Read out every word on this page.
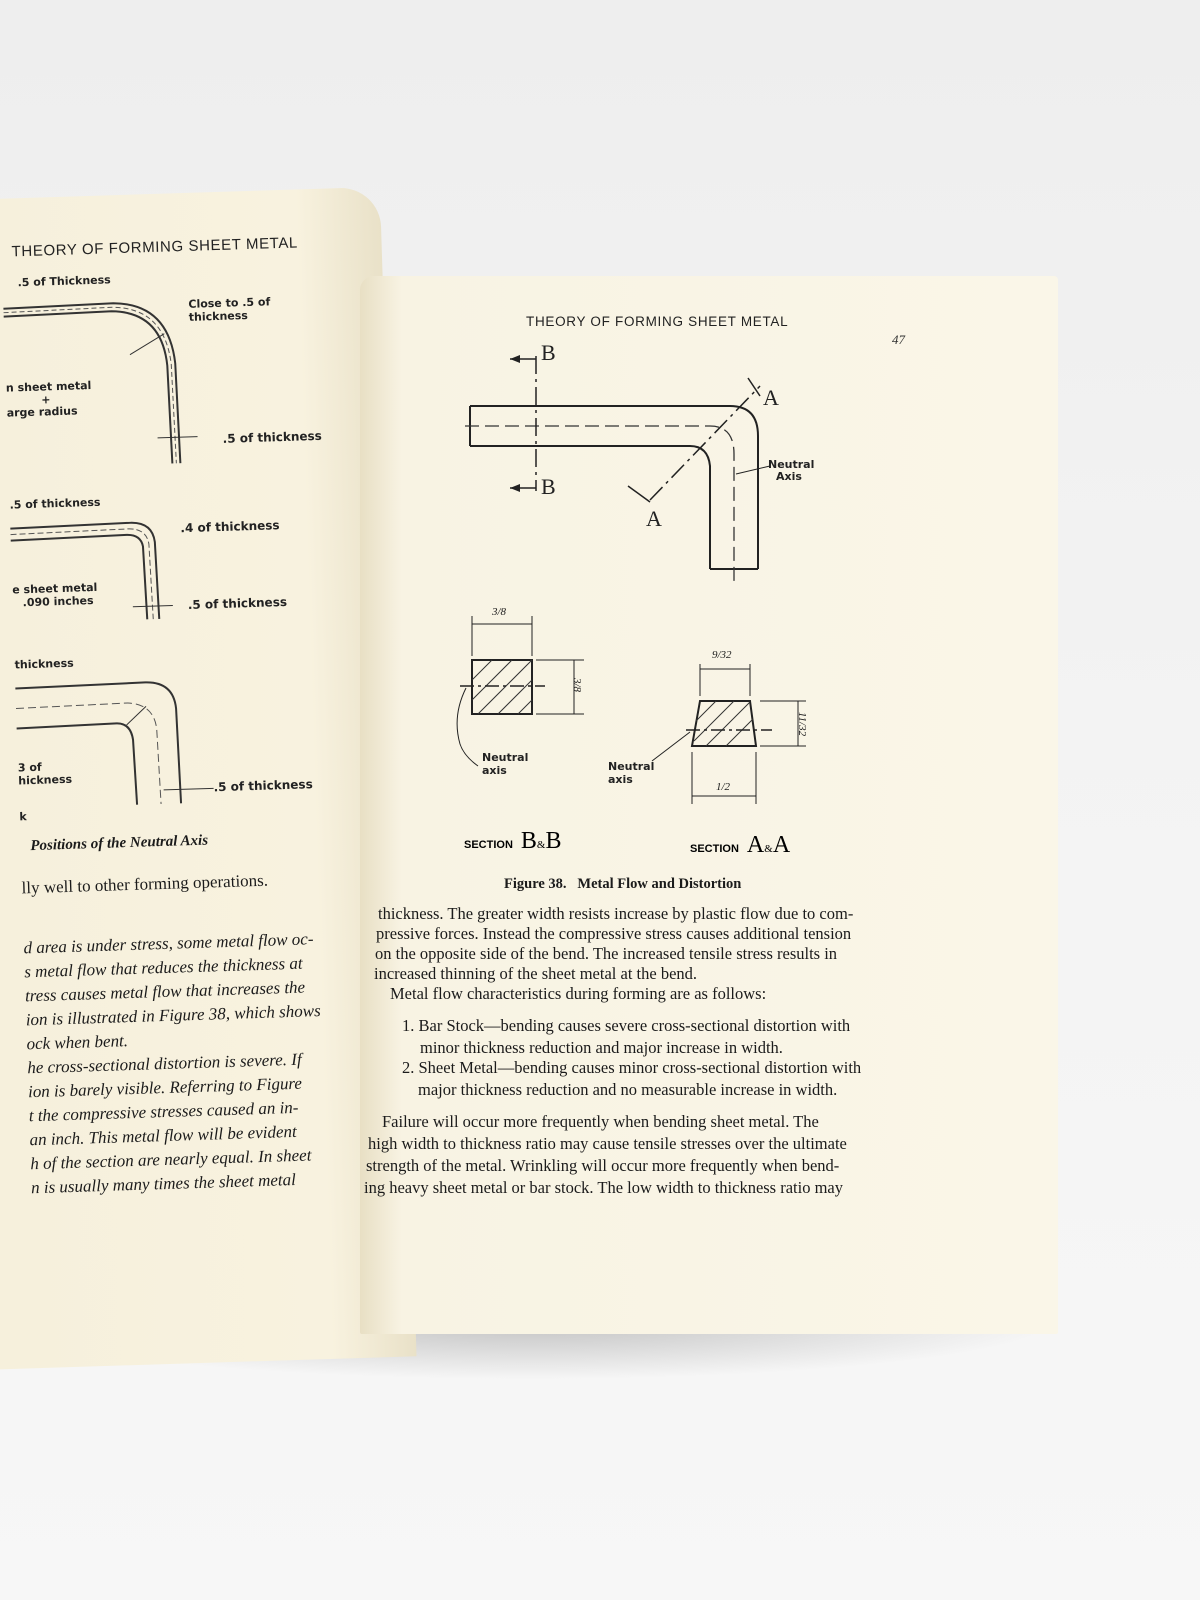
THEORY OF FORMING SHEET METAL
.5 of Thickness
Close to .5 of
thickness
n sheet metal
+
arge radius
.5 of thickness
.5 of thickness
.4 of thickness
e sheet metal
.090 inches	.5 of thickness
thickness
3 of
hickness
k
.5 of thickness
Positions of the Neutral Axis
lly well to other forming operations.
d area is under stress, some metal flow oc-
s metal flow that reduces the thickness at
tress causes metal flow that increases the
ion is illustrated in Figure 38, which shows
ock when bent.
he cross-sectional distortion is severe. If
ion is barely visible. Referring to Figure
t the compressive stresses caused an in-
an inch. This metal flow will be evident
h of the section are nearly equal. In sheet
n is usually many times the sheet metal
THEORY OF FORMING SHEET METAL
47
B
B
A
A
Neutral
Axis
3/8
3/8
9/32
11/32
1/2
Neutral
axis	Neutral
axis
SECTION B&B	SECTION A&A
Figure 38.   Metal Flow and Distortion
thickness. The greater width resists increase by plastic flow due to com-
pressive forces. Instead the compressive stress causes additional tension
on the opposite side of the bend. The increased tensile stress results in
increased thinning of the sheet metal at the bend.
Metal flow characteristics during forming are as follows:
1. Bar Stock—bending causes severe cross-sectional distortion with
minor thickness reduction and major increase in width.
2. Sheet Metal—bending causes minor cross-sectional distortion with
major thickness reduction and no measurable increase in width.
Failure will occur more frequently when bending sheet metal. The
high width to thickness ratio may cause tensile stresses over the ultimate
strength of the metal. Wrinkling will occur more frequently when bend-
ing heavy sheet metal or bar stock. The low width to thickness ratio may
